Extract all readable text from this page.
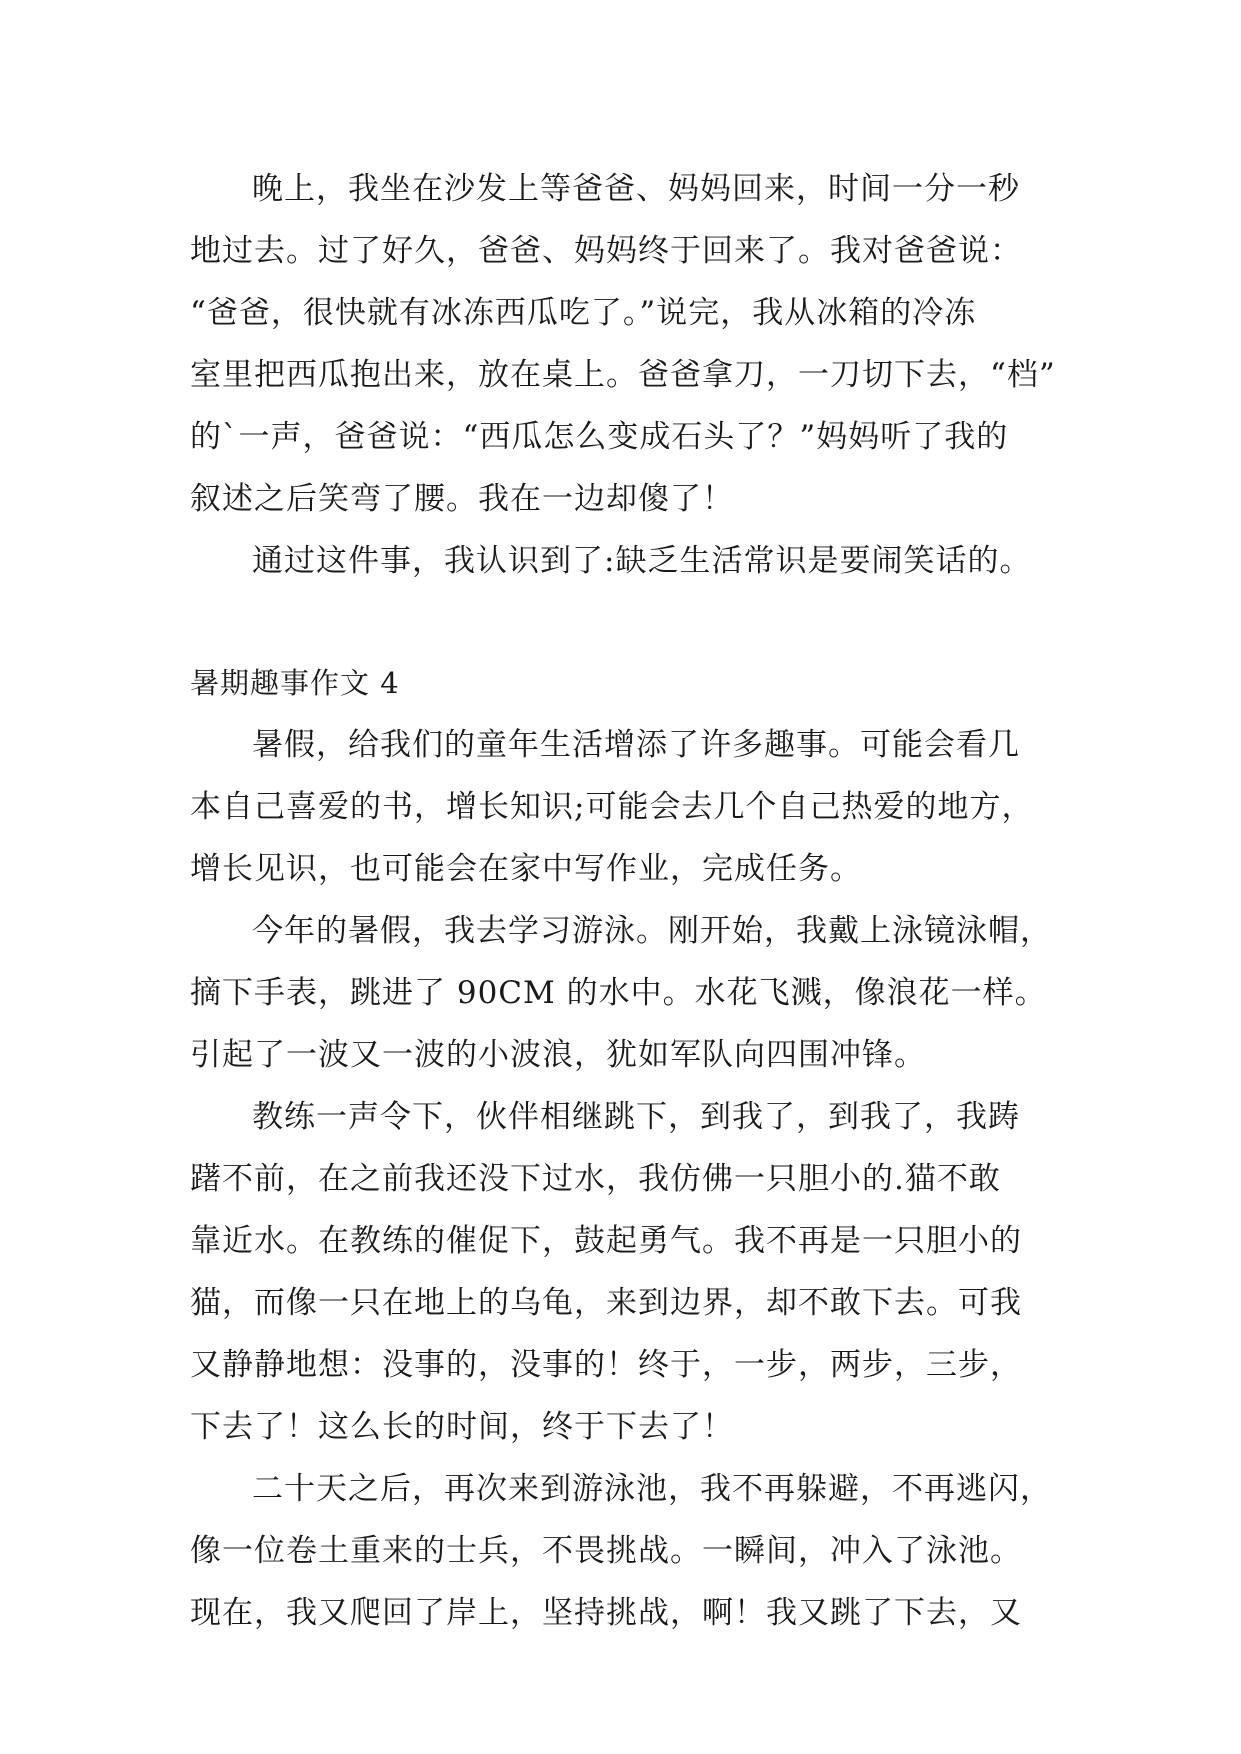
晚上，我坐在沙发上等爸爸、妈妈回来，时间一分一秒
地过去。过了好久，爸爸、妈妈终于回来了。我对爸爸说：
“爸爸，很快就有冰冻西瓜吃了。”说完，我从冰箱的冷冻
室里把西瓜抱出来，放在桌上。爸爸拿刀，一刀切下去，“档”
的`一声，爸爸说：“西瓜怎么变成石头了？”妈妈听了我的
叙述之后笑弯了腰。我在一边却傻了！
通过这件事，我认识到了:缺乏生活常识是要闹笑话的。
暑期趣事作文 4
暑假，给我们的童年生活增添了许多趣事。可能会看几
本自己喜爱的书，增长知识;可能会去几个自己热爱的地方，
增长见识，也可能会在家中写作业，完成任务。
今年的暑假，我去学习游泳。刚开始，我戴上泳镜泳帽，
摘下手表，跳进了 90CM 的水中。水花飞溅，像浪花一样。
引起了一波又一波的小波浪，犹如军队向四围冲锋。
教练一声令下，伙伴相继跳下，到我了，到我了，我踌
躇不前，在之前我还没下过水，我仿佛一只胆小的.猫不敢
靠近水。在教练的催促下，鼓起勇气。我不再是一只胆小的
猫，而像一只在地上的乌龟，来到边界，却不敢下去。可我
又静静地想：没事的，没事的！终于，一步，两步，三步，
下去了！这么长的时间，终于下去了！
二十天之后，再次来到游泳池，我不再躲避，不再逃闪，
像一位卷土重来的士兵，不畏挑战。一瞬间，冲入了泳池。
现在，我又爬回了岸上，坚持挑战，啊！我又跳了下去，又
